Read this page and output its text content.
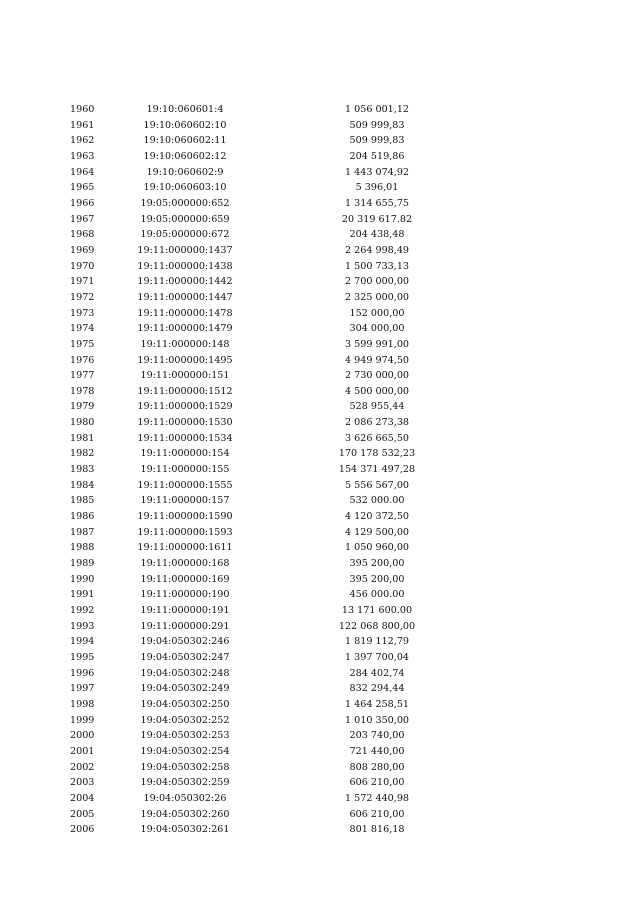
1960	19:10:060601:4	1 056 001,12
1961	19:10:060602:10	509 999,83
1962	19:10:060602:11	509 999,83
1963	19:10:060602:12	204 519,86
1964	19:10:060602:9	1 443 074,92
1965	19:10:060603:10	5 396,01
1966	19:05:000000:652	1 314 655,75
1967	19:05:000000:659	20 319 617.82
1968	19:05:000000:672	204 438,48
1969	19:11:000000:1437	2 264 998,49
1970	19:11:000000:1438	1 500 733,13
1971	19:11:000000:1442	2 700 000,00
1972	19:11:000000:1447	2 325 000,00
1973	19:11:000000:1478	152 000,00
1974	19:11:000000:1479	304 000,00
1975	19:11:000000:148	3 599 991,00
1976	19:11:000000:1495	4 949 974,50
1977	19:11:000000:151	2 730 000,00
1978	19:11:000000:1512	4 500 000,00
1979	19:11:000000:1529	528 955,44
1980	19:11:000000:1530	2 086 273,38
1981	19:11:000000:1534	3 626 665,50
1982	19:11:000000:154	170 178 532,23
1983	19:11:000000:155	154 371 497,28
1984	19:11:000000:1555	5 556 567,00
1985	19:11:000000:157	532 000.00
1986	19:11:000000:1590	4 120 372,50
1987	19:11:000000:1593	4 129 500,00
1988	19:11:000000:1611	1 050 960,00
1989	19:11:000000:168	395 200,00
1990	19:11:000000:169	395 200,00
1991	19:11:000000:190	456 000.00
1992	19:11:000000:191	13 171 600.00
1993	19:11:000000:291	122 068 800,00
1994	19:04:050302:246	1 819 112,79
1995	19:04:050302:247	1 397 700,04
1996	19:04:050302:248	284 402,74
1997	19:04:050302:249	832 294,44
1998	19:04:050302:250	1 464 258,51
1999	19:04:050302:252	1 010 350,00
2000	19:04:050302:253	203 740,00
2001	19:04:050302:254	721 440,00
2002	19:04:050302:258	808 280,00
2003	19:04:050302:259	606 210,00
2004	19:04:050302:26	1 572 440,98
2005	19:04:050302:260	606 210,00
2006	19:04:050302:261	801 816,18
